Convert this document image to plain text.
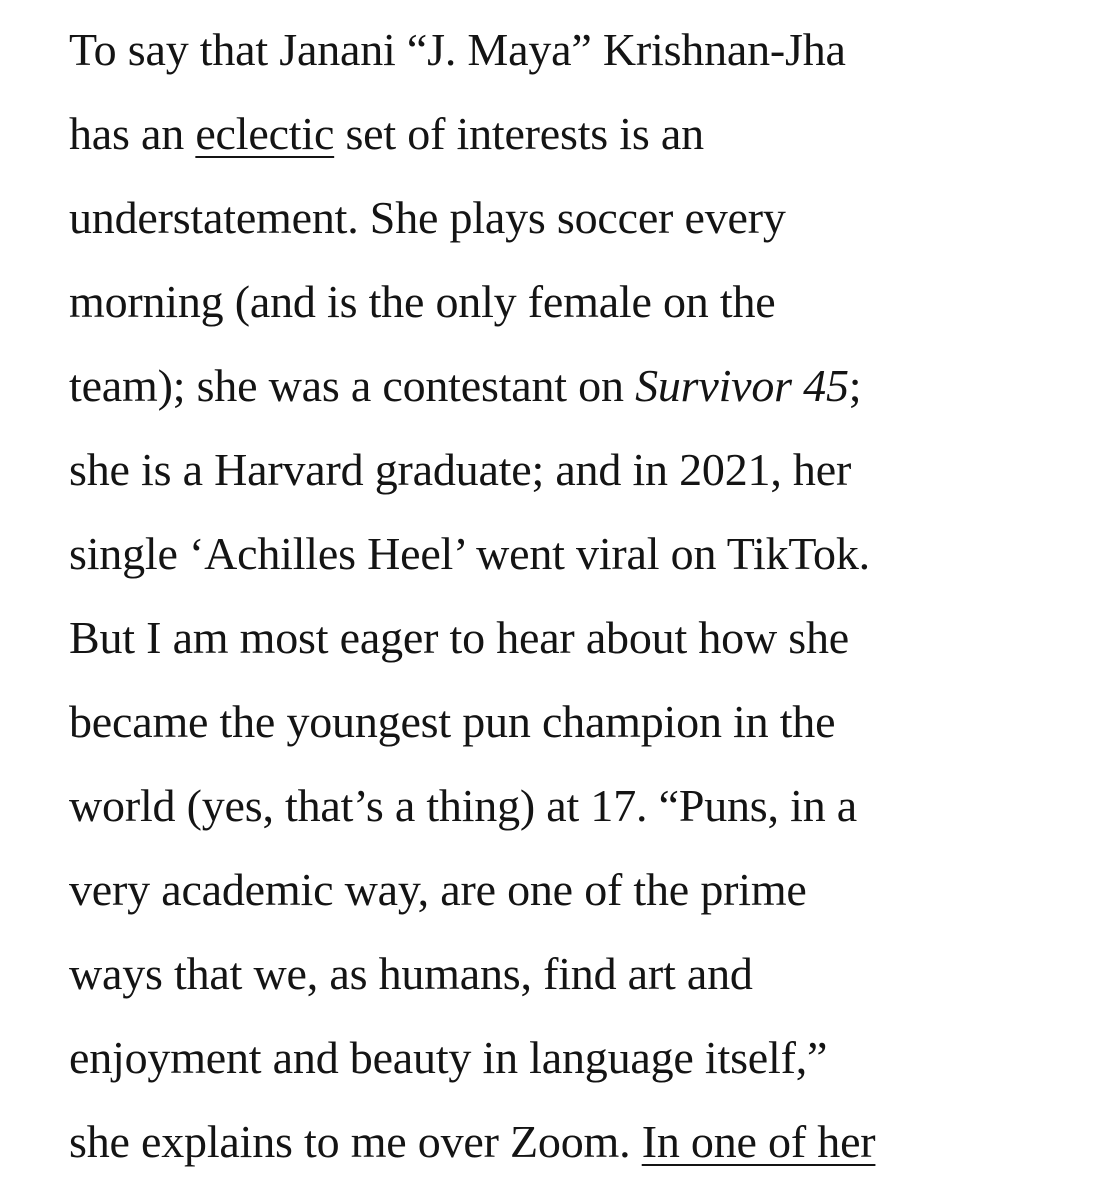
To say that Janani “J. Maya” Krishnan-Jha
has an eclectic set of interests is an
understatement. She plays soccer every
morning (and is the only female on the
team); she was a contestant on Survivor 45;
she is a Harvard graduate; and in 2021, her
single ‘Achilles Heel’ went viral on TikTok.
But I am most eager to hear about how she
became the youngest pun champion in the
world (yes, that’s a thing) at 17. “Puns, in a
very academic way, are one of the prime
ways that we, as humans, find art and
enjoyment and beauty in language itself,”
she explains to me over Zoom. In one of her
